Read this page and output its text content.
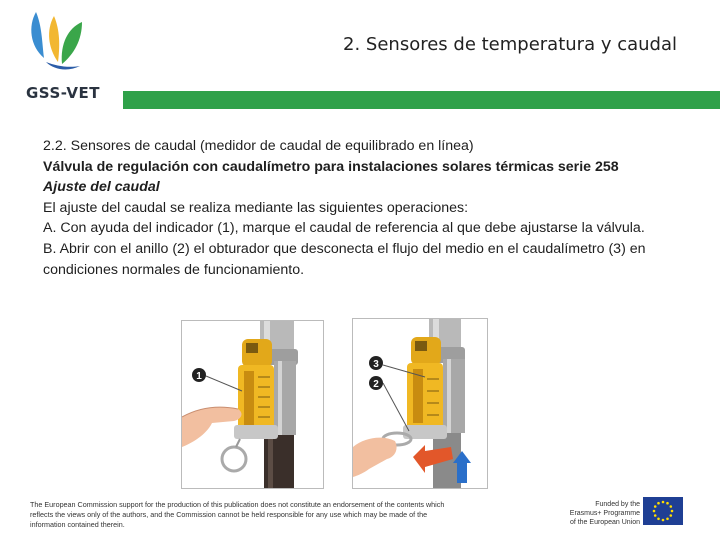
GSS-VET
2. Sensores de temperatura y caudal

2.2. Sensores de caudal (medidor de caudal de equilibrado en línea)

Válvula de regulación con caudalímetro para instalaciones solares térmicas serie 258

Ajuste del caudal

El ajuste del caudal se realiza mediante las siguientes operaciones:

A. Con ayuda del indicador (1), marque el caudal de referencia al que debe ajustarse la válvula.

B. Abrir con el anillo (2) el obturador que desconecta el flujo del medio en el caudalímetro (3) en condiciones normales de funcionamiento.

1
3
2
The European Commission support for the production of this publication does not constitute an endorsement of the contents which reflects the views only of the authors, and the Commission cannot be held responsible for any use which may be made of the information contained therein.
Funded by the
Erasmus+ Programme
of the European Union
